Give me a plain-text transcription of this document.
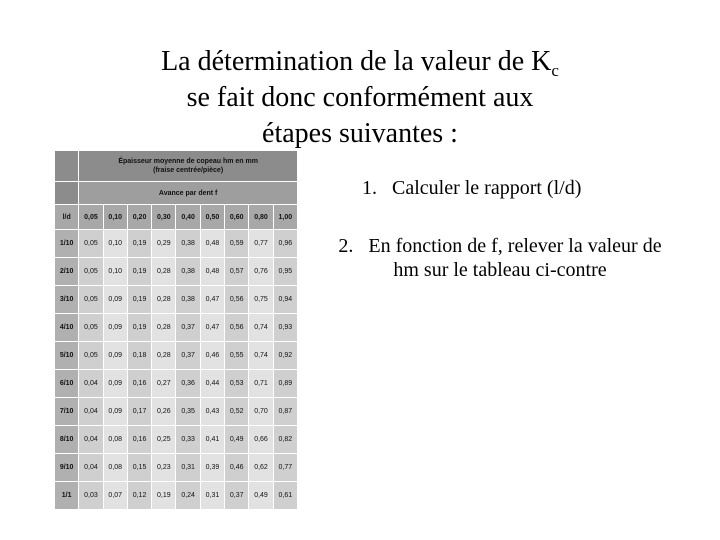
La détermination de la valeur de $K_c$
se fait donc conformément aux
étapes suivantes :

	Épaisseur moyenne de copeau hm en mm
(fraise centrée/pièce)								

	Avance par dent f								
l/d	0,05	0,10	0,20	0,30	0,40	0,50	0,60	0,80	1,00
1/10	0,05	0,10	0,19	0,29	0,38	0,48	0,59	0,77	0,96
2/10	0,05	0,10	0,19	0,28	0,38	0,48	0,57	0,76	0,95
3/10	0,05	0,09	0,19	0,28	0,38	0,47	0,56	0,75	0,94
4/10	0,05	0,09	0,19	0,28	0,37	0,47	0,56	0,74	0,93
5/10	0,05	0,09	0,18	0,28	0,37	0,46	0,55	0,74	0,92
6/10	0,04	0,09	0,16	0,27	0,36	0,44	0,53	0,71	0,89
7/10	0,04	0,09	0,17	0,26	0,35	0,43	0,52	0,70	0,87
8/10	0,04	0,08	0,16	0,25	0,33	0,41	0,49	0,66	0,82
9/10	0,04	0,08	0,15	0,23	0,31	0,39	0,46	0,62	0,77
1/1	0,03	0,07	0,12	0,19	0,24	0,31	0,37	0,49	0,61

1. Calculer le rapport (l/d)

2. En fonction de f, relever la valeur de hm sur le tableau ci-contre
